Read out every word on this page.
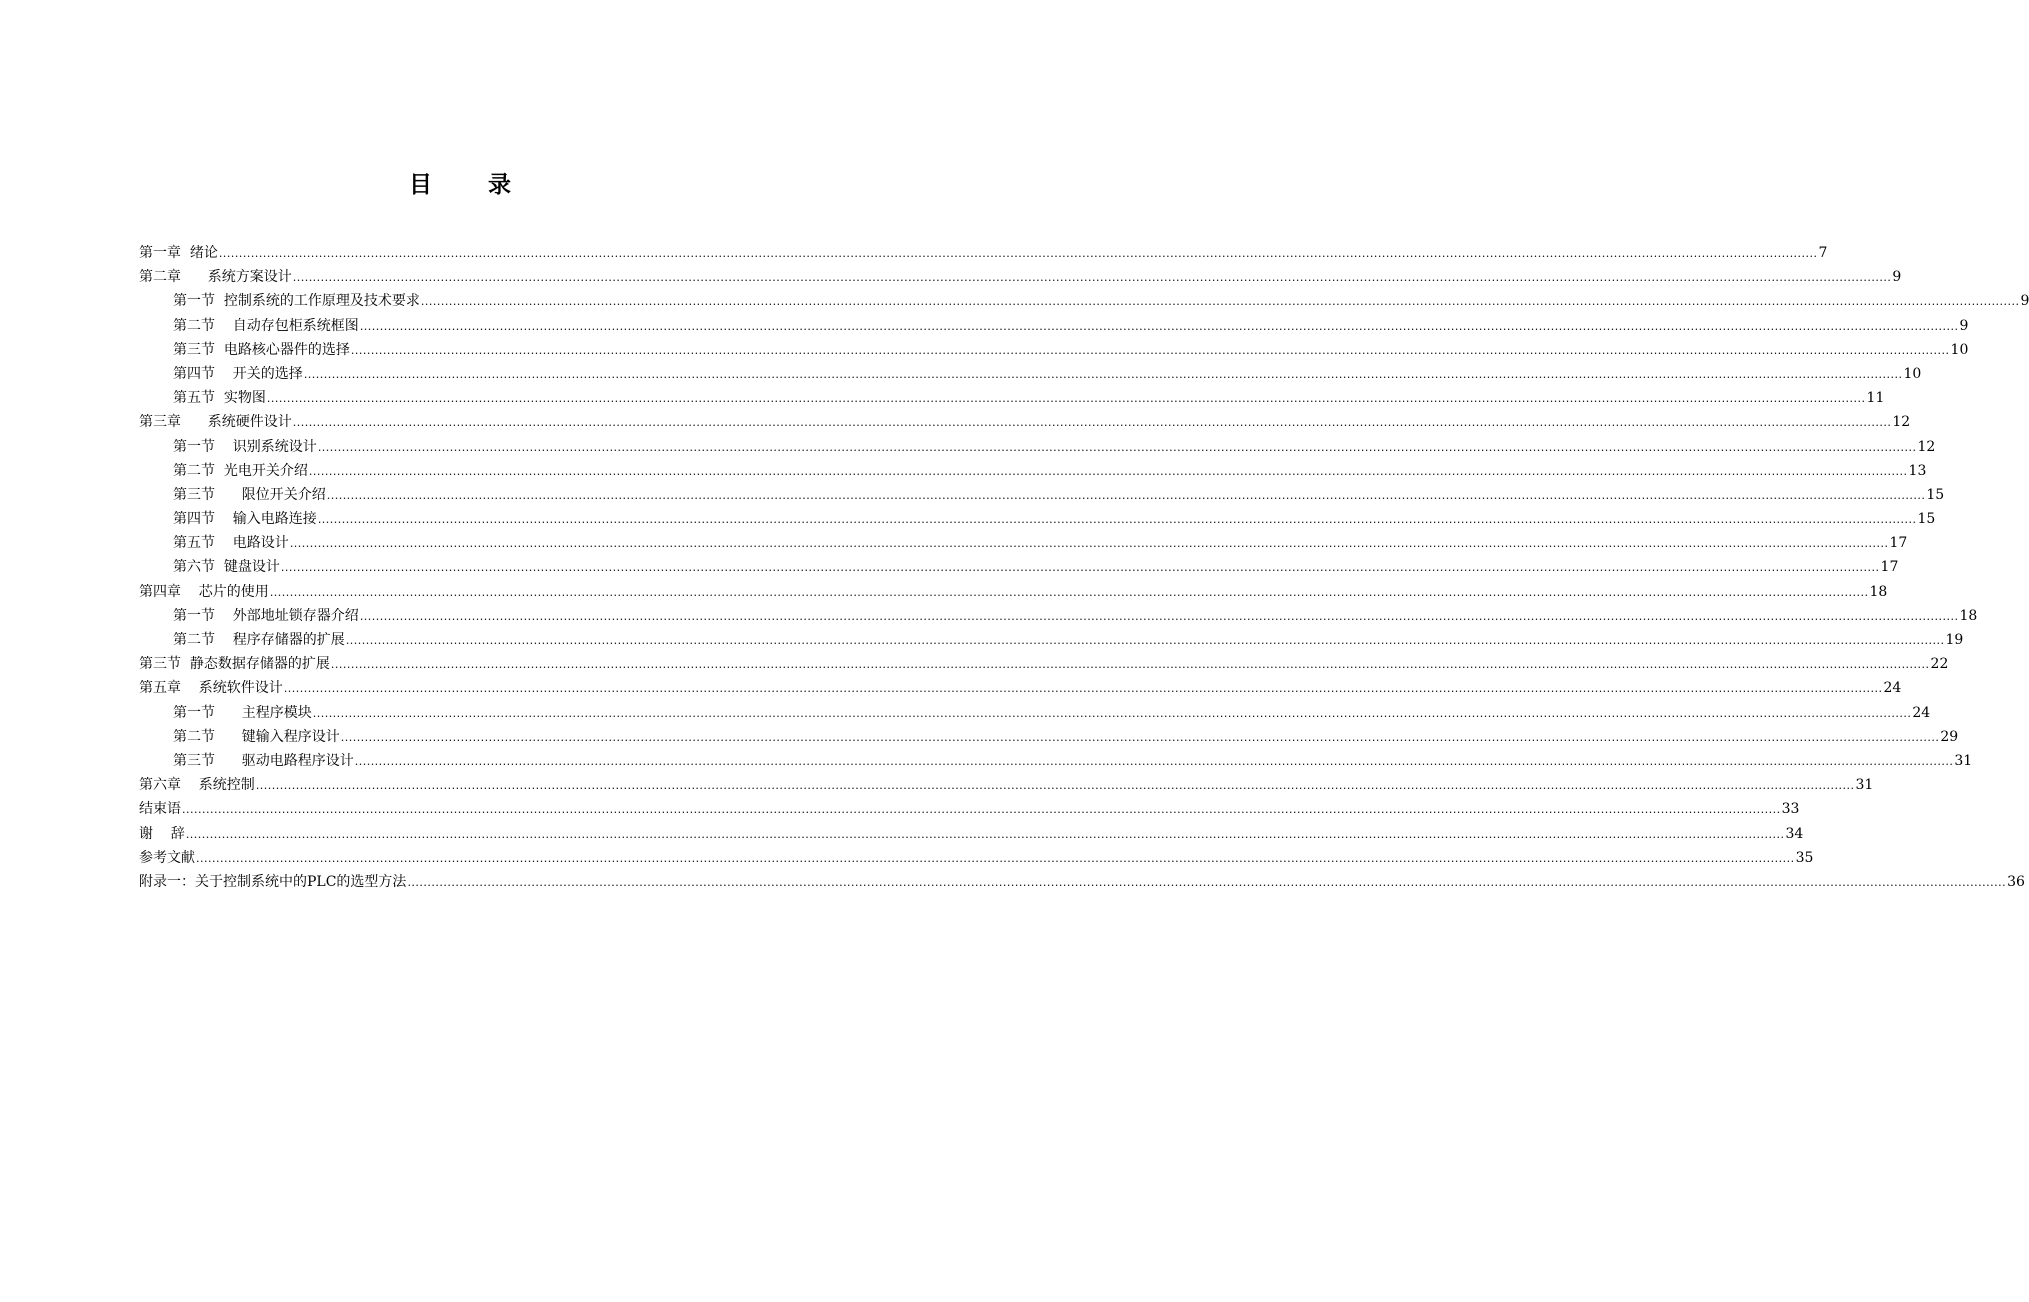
目 录
第一章  绪论 ................................................................................................................................................................................................................................................................................................................................................................................................................ 7
第二章      系统方案设计 ................................................................................................................................................................................................................................................................................................................................................................................................................ 9
第一节  控制系统的工作原理及技术要求 ................................................................................................................................................................................................................................................................................................................................................................................................................ 9
第二节    自动存包柜系统框图 ................................................................................................................................................................................................................................................................................................................................................................................................................ 9
第三节  电路核心器件的选择 ................................................................................................................................................................................................................................................................................................................................................................................................................ 10
第四节    开关的选择 ................................................................................................................................................................................................................................................................................................................................................................................................................ 10
第五节  实物图 ................................................................................................................................................................................................................................................................................................................................................................................................................ 11
第三章      系统硬件设计 ................................................................................................................................................................................................................................................................................................................................................................................................................ 12
第一节    识别系统设计 ................................................................................................................................................................................................................................................................................................................................................................................................................ 12
第二节  光电开关介绍 ................................................................................................................................................................................................................................................................................................................................................................................................................ 13
第三节      限位开关介绍 ................................................................................................................................................................................................................................................................................................................................................................................................................ 15
第四节    输入电路连接 ................................................................................................................................................................................................................................................................................................................................................................................................................ 15
第五节    电路设计 ................................................................................................................................................................................................................................................................................................................................................................................................................ 17
第六节  键盘设计 ................................................................................................................................................................................................................................................................................................................................................................................................................ 17
第四章    芯片的使用 ................................................................................................................................................................................................................................................................................................................................................................................................................ 18
第一节    外部地址锁存器介绍 ................................................................................................................................................................................................................................................................................................................................................................................................................ 18
第二节    程序存储器的扩展 ................................................................................................................................................................................................................................................................................................................................................................................................................ 19
第三节  静态数据存储器的扩展 ................................................................................................................................................................................................................................................................................................................................................................................................................ 22
第五章    系统软件设计 ................................................................................................................................................................................................................................................................................................................................................................................................................ 24
第一节      主程序模块 ................................................................................................................................................................................................................................................................................................................................................................................................................ 24
第二节      键输入程序设计 ................................................................................................................................................................................................................................................................................................................................................................................................................ 29
第三节      驱动电路程序设计 ................................................................................................................................................................................................................................................................................................................................................................................................................ 31
第六章    系统控制 ................................................................................................................................................................................................................................................................................................................................................................................................................ 31
结束语 ................................................................................................................................................................................................................................................................................................................................................................................................................ 33
谢    辞 ................................................................................................................................................................................................................................................................................................................................................................................................................ 34
参考文献 ................................................................................................................................................................................................................................................................................................................................................................................................................ 35
附录一：关于控制系统中的PLC的选型方法 ................................................................................................................................................................................................................................................................................................................................................................................................................ 36
